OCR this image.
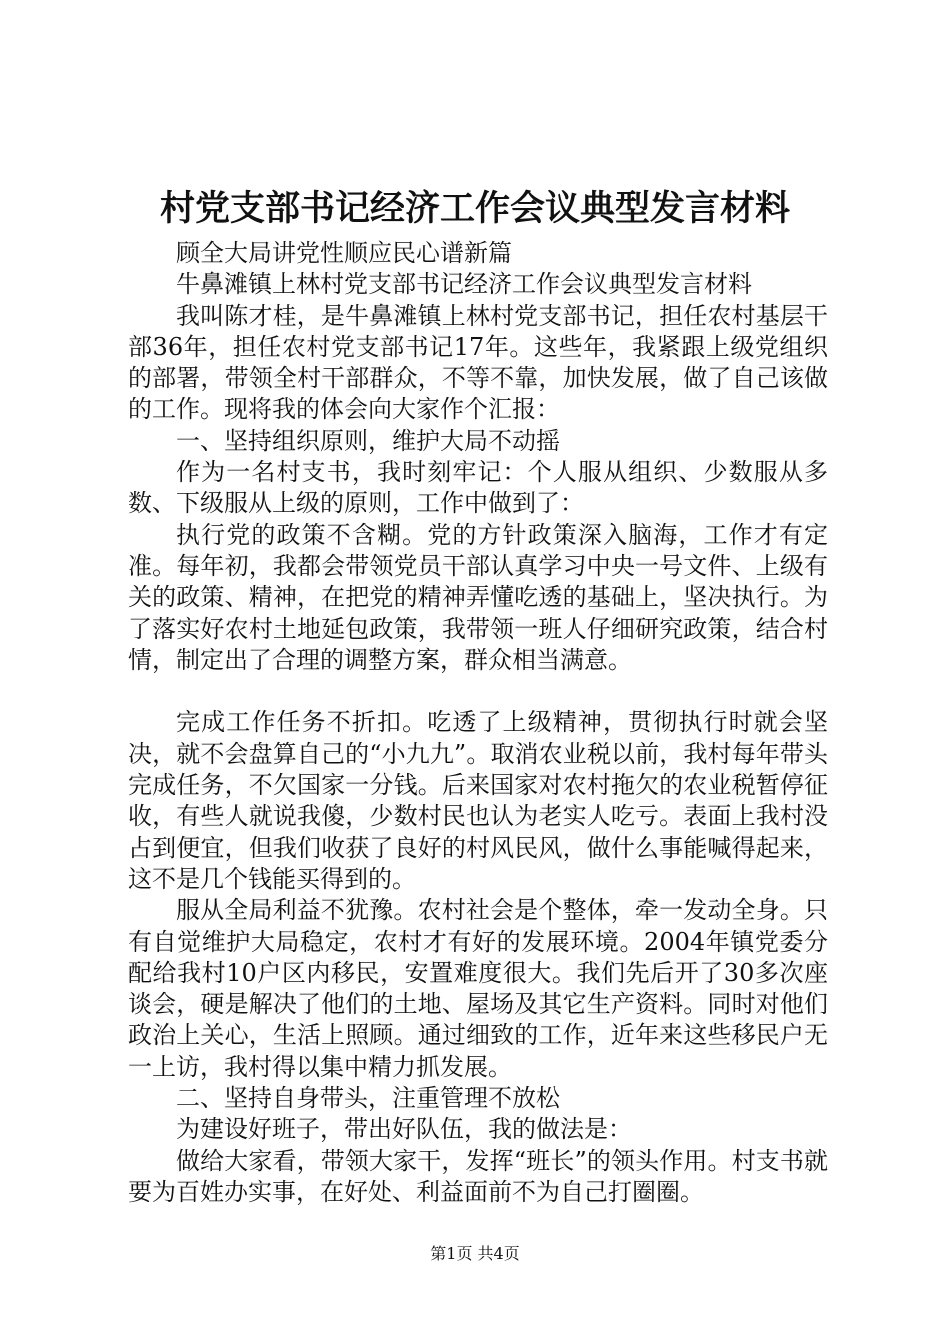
村党支部书记经济工作会议典型发言材料

顾全大局讲党性顺应民心谱新篇

牛鼻滩镇上林村党支部书记经济工作会议典型发言材料

我叫陈才桂，是牛鼻滩镇上林村党支部书记，担任农村基层干部36年，担任农村党支部书记17年。这些年，我紧跟上级党组织的部署，带领全村干部群众，不等不靠，加快发展，做了自己该做的工作。现将我的体会向大家作个汇报：

一、坚持组织原则，维护大局不动摇

作为一名村支书，我时刻牢记：个人服从组织、少数服从多数、下级服从上级的原则，工作中做到了：

执行党的政策不含糊。党的方针政策深入脑海，工作才有定准。每年初，我都会带领党员干部认真学习中央一号文件、上级有关的政策、精神，在把党的精神弄懂吃透的基础上，坚决执行。为了落实好农村土地延包政策，我带领一班人仔细研究政策，结合村情，制定出了合理的调整方案，群众相当满意。

完成工作任务不折扣。吃透了上级精神，贯彻执行时就会坚决，就不会盘算自己的“小九九”。取消农业税以前，我村每年带头完成任务，不欠国家一分钱。后来国家对农村拖欠的农业税暂停征收，有些人就说我傻，少数村民也认为老实人吃亏。表面上我村没占到便宜，但我们收获了良好的村风民风，做什么事能喊得起来，这不是几个钱能买得到的。

服从全局利益不犹豫。农村社会是个整体，牵一发动全身。只有自觉维护大局稳定，农村才有好的发展环境。2004年镇党委分配给我村10户区内移民，安置难度很大。我们先后开了30多次座谈会，硬是解决了他们的土地、屋场及其它生产资料。同时对他们政治上关心，生活上照顾。通过细致的工作，近年来这些移民户无一上访，我村得以集中精力抓发展。

二、坚持自身带头，注重管理不放松

为建设好班子，带出好队伍，我的做法是：

做给大家看，带领大家干，发挥“班长”的领头作用。村支书就要为百姓办实事，在好处、利益面前不为自己打圈圈。

第1页 共4页
